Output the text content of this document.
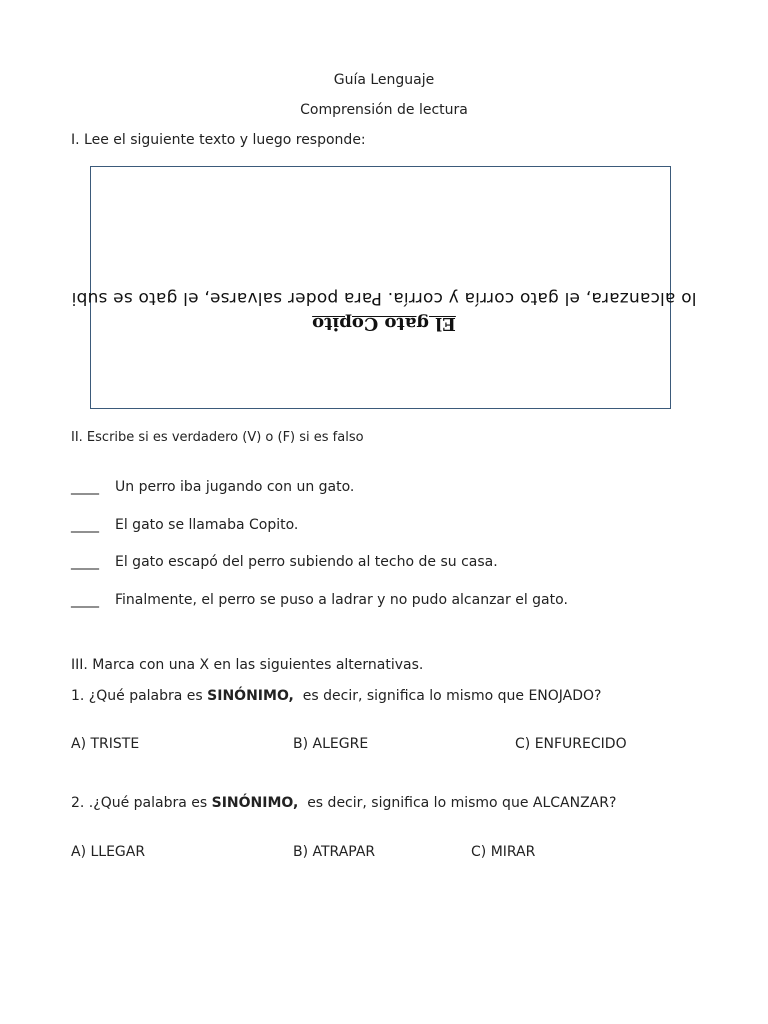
Guía Lenguaje
Comprensión de lectura
I. Lee el siguiente texto y luego responde:
El gato Copito
lo alcanzara, el gato corría y corría. Para poder salvarse, el gato se subi
II. Escribe si es verdadero (V) o (F) si es falso
____Un perro iba jugando con un gato.
____El gato se llamaba Copito.
____El gato escapó del perro subiendo al techo de su casa.
____Finalmente, el perro se puso a ladrar y no pudo alcanzar el gato.
III. Marca con una X en las siguientes alternativas.
1. ¿Qué palabra es SINÓNIMO,  es decir, significa lo mismo que ENOJADO?
A) TRISTE	B) ALEGRE	C) ENFURECIDO
2. .¿Qué palabra es SINÓNIMO,  es decir, significa lo mismo que ALCANZAR?
A) LLEGAR	B) ATRAPAR	C) MIRAR
